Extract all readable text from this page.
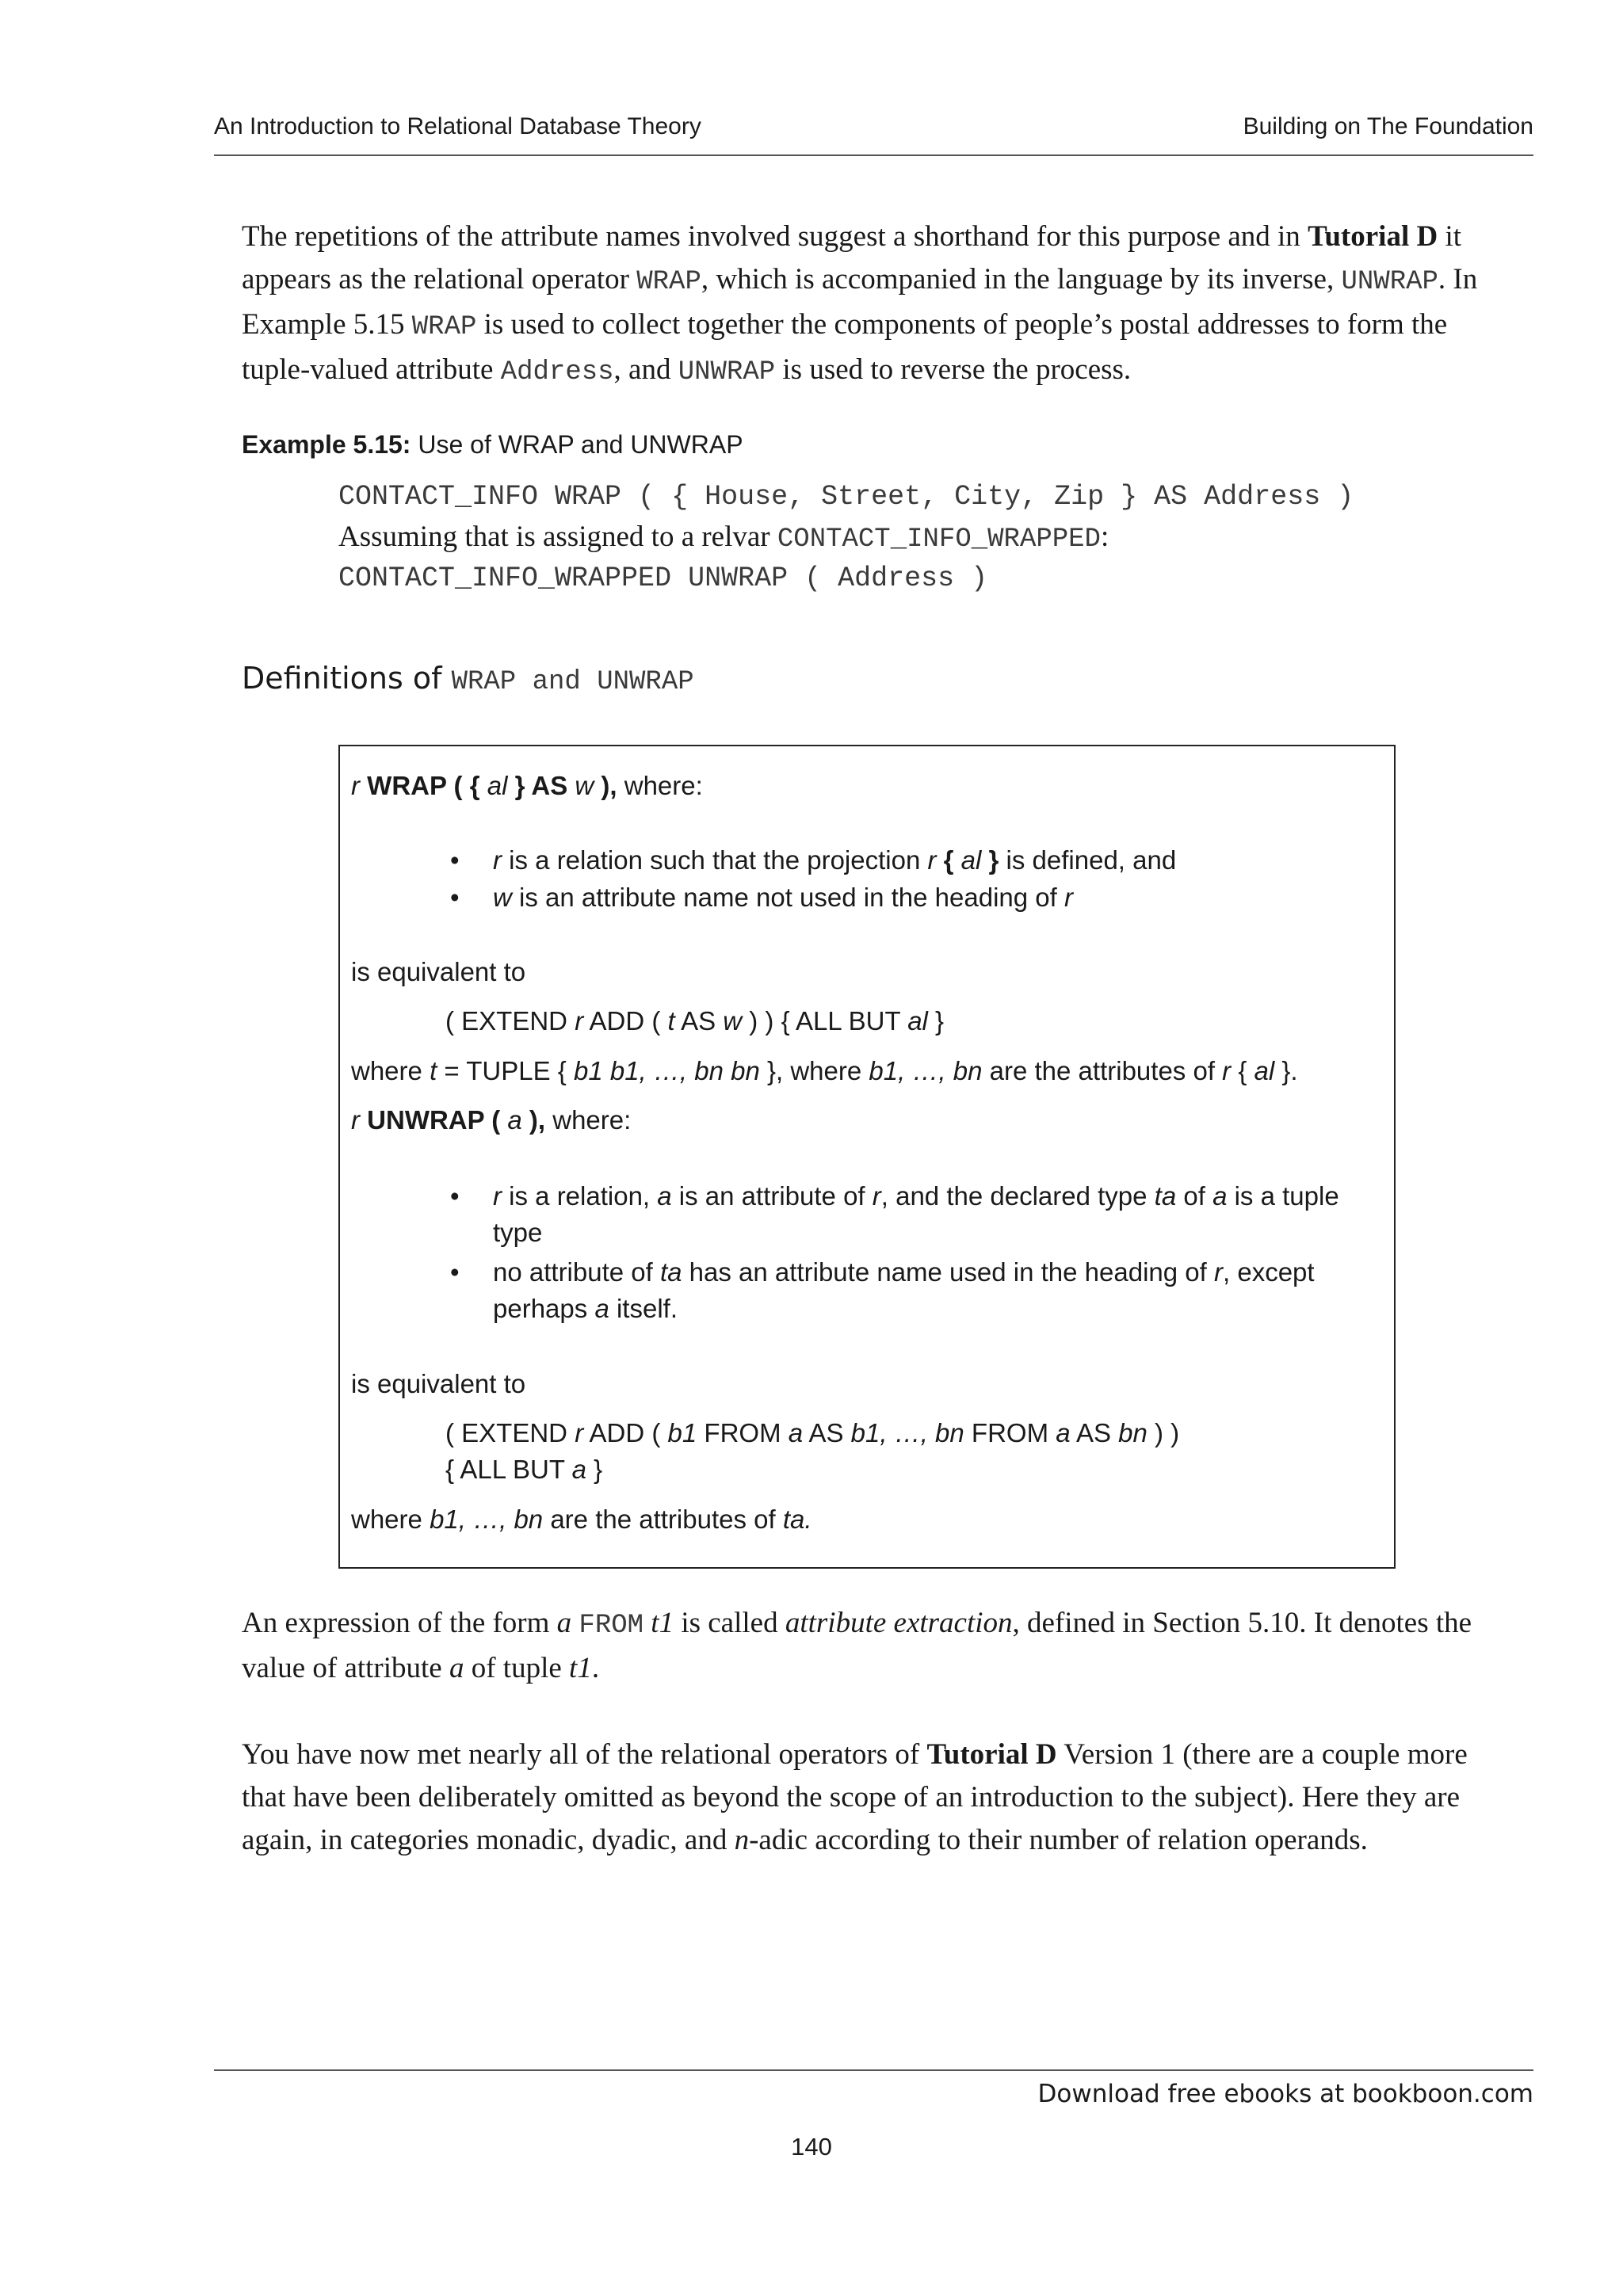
An Introduction to Relational Database Theory	Building on The Foundation
The repetitions of the attribute names involved suggest a shorthand for this purpose and in Tutorial D it
appears as the relational operator WRAP, which is accompanied in the language by its inverse, UNWRAP. In
Example 5.15 WRAP is used to collect together the components of people’s postal addresses to form the
tuple-valued attribute Address, and UNWRAP is used to reverse the process.
Example 5.15: Use of WRAP and UNWRAP
CONTACT_INFO WRAP ( { House, Street, City, Zip } AS Address )
Assuming that is assigned to a relvar CONTACT_INFO_WRAPPED:
CONTACT_INFO_WRAPPED UNWRAP ( Address )
Definitions of WRAP and UNWRAP
r WRAP ( { al } AS w ), where:
• r is a relation such that the projection r { al } is defined, and
• w is an attribute name not used in the heading of r
is equivalent to
( EXTEND r ADD ( t AS w ) ) { ALL BUT al }
where t = TUPLE { b1 b1, …, bn bn }, where b1, …, bn are the attributes of r { al }.
r UNWRAP ( a ), where:
• r is a relation, a is an attribute of r, and the declared type ta of a is a tuple
type
• no attribute of ta has an attribute name used in the heading of r, except
perhaps a itself.
is equivalent to
( EXTEND r ADD ( b1 FROM a AS b1, …, bn FROM a AS bn ) )
{ ALL BUT a }
where b1, …, bn are the attributes of ta.
An expression of the form a FROM t1 is called attribute extraction, defined in Section 5.10. It denotes the
value of attribute a of tuple t1.
You have now met nearly all of the relational operators of Tutorial D Version 1 (there are a couple more
that have been deliberately omitted as beyond the scope of an introduction to the subject). Here they are
again, in categories monadic, dyadic, and n-adic according to their number of relation operands.
Download free ebooks at bookboon.com
140
